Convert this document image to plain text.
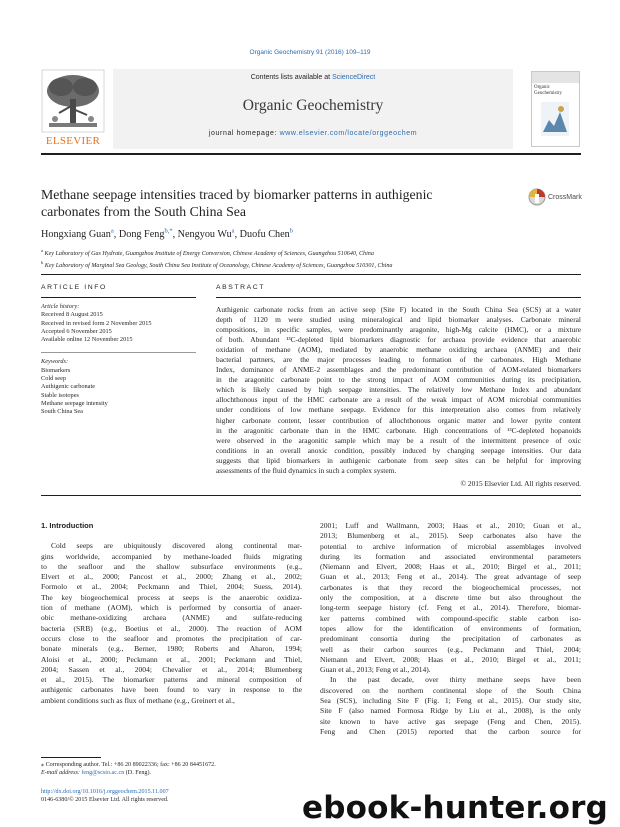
Organic Geochemistry 91 (2016) 109–119
ELSEVIER
Contents lists available at ScienceDirect
Organic Geochemistry
journal homepage: www.elsevier.com/locate/orggeochem
Organic Geochemistry
Methane seepage intensities traced by biomarker patterns in authigenic
carbonates from the South China Sea
CrossMark
Hongxiang Guan$^a$, Dong Feng$^{b,*}$, Nengyou Wu$^a$, Duofu Chen$^b$
$^a$ Key Laboratory of Gas Hydrate, Guangzhou Institute of Energy Conversion, Chinese Academy of Sciences, Guangzhou 510640, China
$^b$ Key Laboratory of Marginal Sea Geology, South China Sea Institute of Oceanology, Chinese Academy of Sciences, Guangzhou 510301, China
ARTICLE INFO
Article history:
Received 8 August 2015
Received in revised form 2 November 2015
Accepted 6 November 2015
Available online 12 November 2015
Keywords:
Biomarkers
Cold seep
Authigenic carbonate
Stable isotopes
Methane seepage intensity
South China Sea
ABSTRACT
Authigenic carbonate rocks from an active seep (Site F) located in the South China Sea (SCS) at a water
depth of 1120 m were studied using mineralogical and lipid biomarker analyses. Carbonate mineral
compositions, in specific samples, were predominantly aragonite, high-Mg calcite (HMC), or a mixture
of both. Abundant ¹³C-depleted lipid biomarkers diagnostic for archaea provide evidence that anaerobic
oxidation of methane (AOM), mediated by anaerobic methane oxidizing archaea (ANME) and their
bacterial partners, are the major processes leading to formation of the carbonates. High Methane
Index, dominance of ANME-2 assemblages and the predominant contribution of AOM-related biomarkers
in the aragonitic carbonate point to the strong impact of AOM communities during its precipitation,
which is likely caused by high seepage intensities. The relatively low Methane Index and abundant
allochthonous input of the HMC carbonate are a result of the weak impact of AOM microbial communities
under conditions of low methane seepage. Evidence for this interpretation also comes from relatively
higher carbonate content, lesser contribution of allochthonous organic matter and lower pyrite content
in the aragonitic carbonate than in the HMC carbonate. High concentrations of ¹³C-depleted hopanoids
were observed in the aragonitic sample which may be a result of the intermittent presence of oxic
conditions in an overall anoxic condition, possibly induced by changing seepage intensities. Our data
suggests that lipid biomarkers in authigenic carbonate from seep sites can be helpful for improving
assessments of the fluid dynamics in such a complex system.
© 2015 Elsevier Ltd. All rights reserved.
1. Introduction
Cold seeps are ubiquitously discovered along continental mar-
gins worldwide, accompanied by methane-loaded fluids migrating
to the seafloor and the shallow subsurface environments (e.g.,
Elvert et al., 2000; Pancost et al., 2000; Zhang et al., 2002;
Formolo et al., 2004; Peckmann and Thiel, 2004; Suess, 2014).
The key biogeochemical process at seeps is the anaerobic oxidiza-
tion of methane (AOM), which is performed by consortia of anaer-
obic methane-oxidizing archaea (ANME) and sulfate-reducing
bacteria (SRB) (e.g., Boetius et al., 2000). The reaction of AOM
occurs close to the seafloor and promotes the precipitation of car-
bonate minerals (e.g., Berner, 1980; Roberts and Aharon, 1994;
Aloisi et al., 2000; Peckmann et al., 2001; Peckmann and Thiel,
2004; Sassen et al., 2004; Chevalier et al., 2014; Blumenberg
et al., 2015). The biomarker patterns and mineral composition of
authigenic carbonates have been found to vary in response to the
ambient conditions such as flux of methane (e.g., Greinert et al.,
2001; Luff and Wallmann, 2003; Haas et al., 2010; Guan et al.,
2013; Blumenberg et al., 2015). Seep carbonates also have the
potential to archive information of microbial assemblages involved
during its formation and associated environmental parameters
(Niemann and Elvert, 2008; Haas et al., 2010; Birgel et al., 2011;
Guan et al., 2013; Feng et al., 2014). The great advantage of seep
carbonates is that they record the biogeochemical processes, not
only the composition, at a discrete time but also throughout the
long-term seepage history (cf. Feng et al., 2014). Therefore, biomar-
ker patterns combined with compound-specific stable carbon iso-
topes allow for the identification of environments of formation,
predominant consortia during the precipitation of carbonates as
well as their carbon sources (e.g., Peckmann and Thiel, 2004;
Niemann and Elvert, 2008; Haas et al., 2010; Birgel et al., 2011;
Guan et al., 2013; Feng et al., 2014).
In the past decade, over thirty methane seeps have been
discovered on the northern continental slope of the South China
Sea (SCS), including Site F (Fig. 1; Feng et al., 2015). Our study site,
Site F (also named Formosa Ridge by Liu et al., 2008), is the only
site known to have active gas seepage (Feng and Chen, 2015).
Feng and Chen (2015) reported that the carbon source for
⁎ Corresponding author. Tel.: +86 20 89022336; fax: +86 20 84451672.
E-mail address: feng@scsio.ac.cn (D. Feng).
http://dx.doi.org/10.1016/j.orggeochem.2015.11.007
0146-6380/© 2015 Elsevier Ltd. All rights reserved.	ebook-hunter.org
